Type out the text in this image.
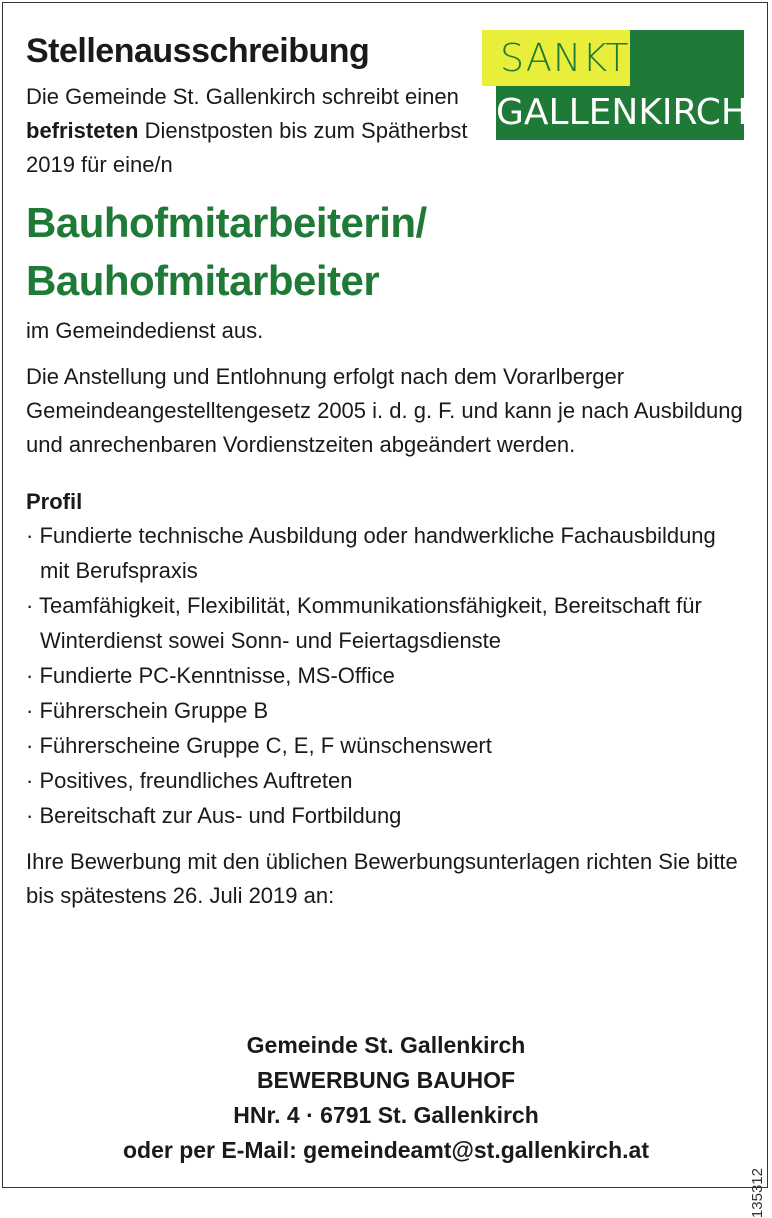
SANKT
GALLENKIRCH
Stellenausschreibung

Die Gemeinde St. Gallenkirch schreibt einen befristeten Dienstposten bis zum Spätherbst 2019 für eine/n

Bauhofmitarbeiterin/
Bauhofmitarbeiter

im Gemeindedienst aus.

Die Anstellung und Entlohnung erfolgt nach dem Vorarlberger Gemeindeangestelltengesetz 2005 i. d. g. F. und kann je nach Ausbildung und anrechenbaren Vordienstzeiten abgeändert werden.

Profil
· Fundierte technische Ausbildung oder handwerkliche Fachausbildung mit Berufspraxis
· Teamfähigkeit, Flexibilität, Kommunikationsfähigkeit, Bereitschaft für Winterdienst sowei Sonn- und Feiertagsdienste
· Fundierte PC-Kenntnisse, MS-Office
· Führerschein Gruppe B
· Führerscheine Gruppe C, E, F wünschenswert
· Positives, freundliches Auftreten
· Bereitschaft zur Aus- und Fortbildung

Ihre Bewerbung mit den üblichen Bewerbungsunterlagen richten Sie bitte bis spätestens 26. Juli 2019 an:

Gemeinde St. Gallenkirch
BEWERBUNG BAUHOF
HNr. 4 · 6791 St. Gallenkirch
oder per E-Mail: gemeindeamt@st.gallenkirch.at
135312
